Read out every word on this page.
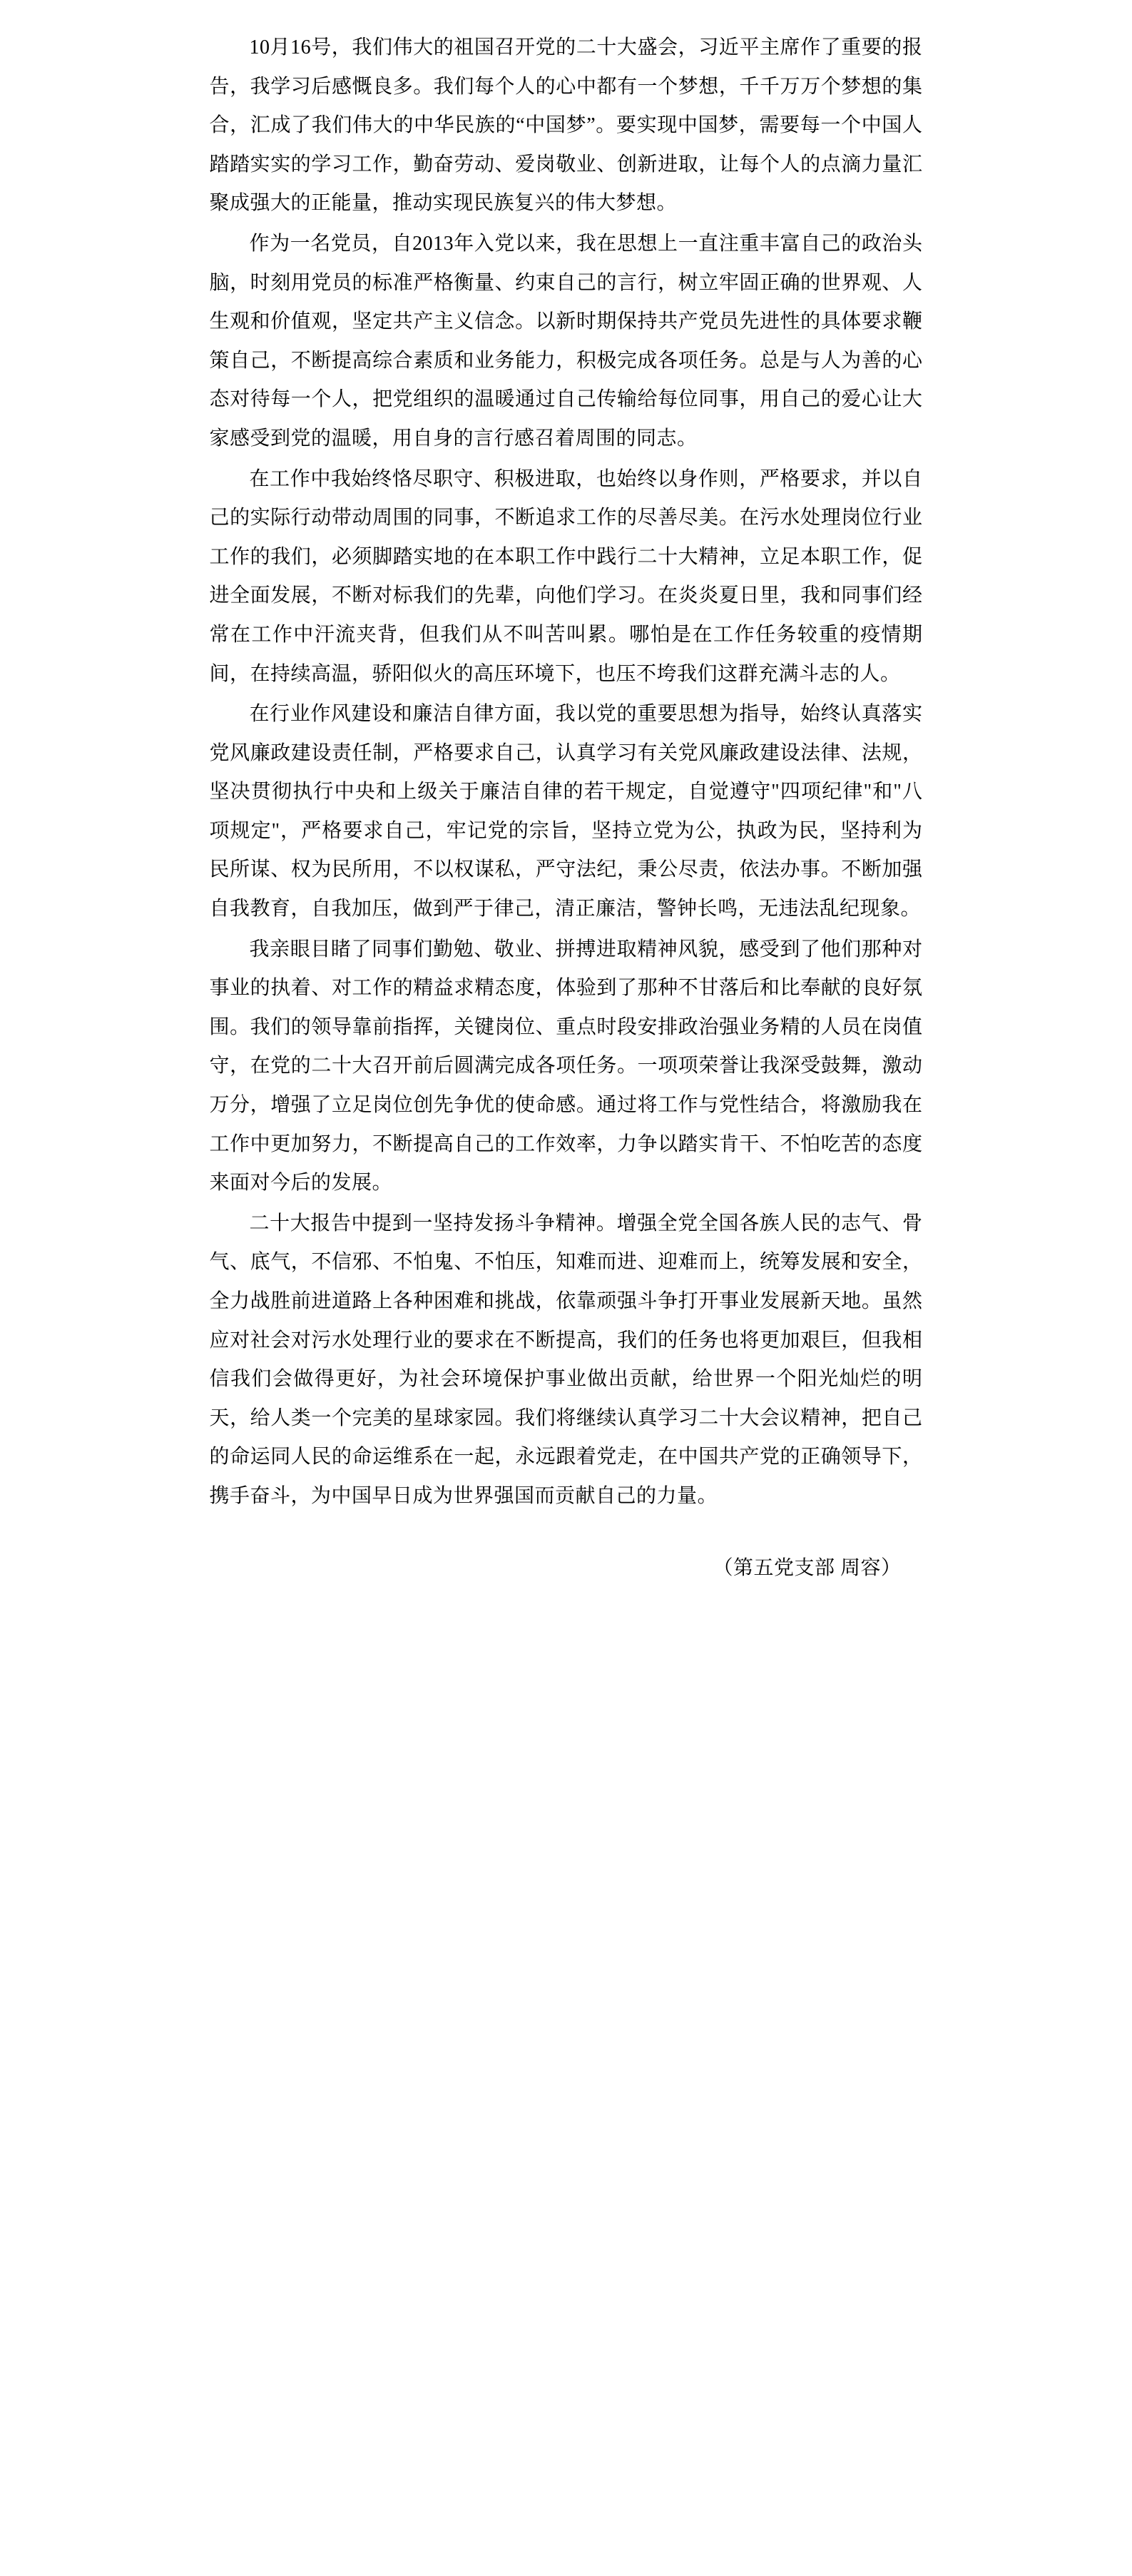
10月16号，我们伟大的祖国召开党的二十大盛会，习近平主席作了重要的报告，我学习后感慨良多。我们每个人的心中都有一个梦想，千千万万个梦想的集合，汇成了我们伟大的中华民族的“中国梦”。要实现中国梦，需要每一个中国人踏踏实实的学习工作，勤奋劳动、爱岗敬业、创新进取，让每个人的点滴力量汇聚成强大的正能量，推动实现民族复兴的伟大梦想。

作为一名党员，自2013年入党以来，我在思想上一直注重丰富自己的政治头脑，时刻用党员的标准严格衡量、约束自己的言行，树立牢固正确的世界观、人生观和价值观，坚定共产主义信念。以新时期保持共产党员先进性的具体要求鞭策自己，不断提高综合素质和业务能力，积极完成各项任务。总是与人为善的心态对待每一个人，把党组织的温暖通过自己传输给每位同事，用自己的爱心让大家感受到党的温暖，用自身的言行感召着周围的同志。

在工作中我始终恪尽职守、积极进取，也始终以身作则，严格要求，并以自己的实际行动带动周围的同事，不断追求工作的尽善尽美。在污水处理岗位行业工作的我们，必须脚踏实地的在本职工作中践行二十大精神，立足本职工作，促进全面发展，不断对标我们的先辈，向他们学习。在炎炎夏日里，我和同事们经常在工作中汗流夹背，但我们从不叫苦叫累。哪怕是在工作任务较重的疫情期间，在持续高温，骄阳似火的高压环境下，也压不垮我们这群充满斗志的人。

在行业作风建设和廉洁自律方面，我以党的重要思想为指导，始终认真落实党风廉政建设责任制，严格要求自己，认真学习有关党风廉政建设法律、法规，坚决贯彻执行中央和上级关于廉洁自律的若干规定，自觉遵守"四项纪律"和"八项规定"，严格要求自己，牢记党的宗旨，坚持立党为公，执政为民，坚持利为民所谋、权为民所用，不以权谋私，严守法纪，秉公尽责，依法办事。不断加强自我教育，自我加压，做到严于律己，清正廉洁，警钟长鸣，无违法乱纪现象。

我亲眼目睹了同事们勤勉、敬业、拼搏进取精神风貌，感受到了他们那种对事业的执着、对工作的精益求精态度，体验到了那种不甘落后和比奉献的良好氛围。我们的领导靠前指挥，关键岗位、重点时段安排政治强业务精的人员在岗值守，在党的二十大召开前后圆满完成各项任务。一项项荣誉让我深受鼓舞，激动万分，增强了立足岗位创先争优的使命感。通过将工作与党性结合，将激励我在工作中更加努力，不断提高自己的工作效率，力争以踏实肯干、不怕吃苦的态度来面对今后的发展。

二十大报告中提到一坚持发扬斗争精神。增强全党全国各族人民的志气、骨气、底气，不信邪、不怕鬼、不怕压，知难而进、迎难而上，统筹发展和安全，全力战胜前进道路上各种困难和挑战，依靠顽强斗争打开事业发展新天地。虽然应对社会对污水处理行业的要求在不断提高，我们的任务也将更加艰巨，但我相信我们会做得更好，为社会环境保护事业做出贡献，给世界一个阳光灿烂的明天，给人类一个完美的星球家园。我们将继续认真学习二十大会议精神，把自己的命运同人民的命运维系在一起，永远跟着党走，在中国共产党的正确领导下，携手奋斗，为中国早日成为世界强国而贡献自己的力量。

（第五党支部 周容）
